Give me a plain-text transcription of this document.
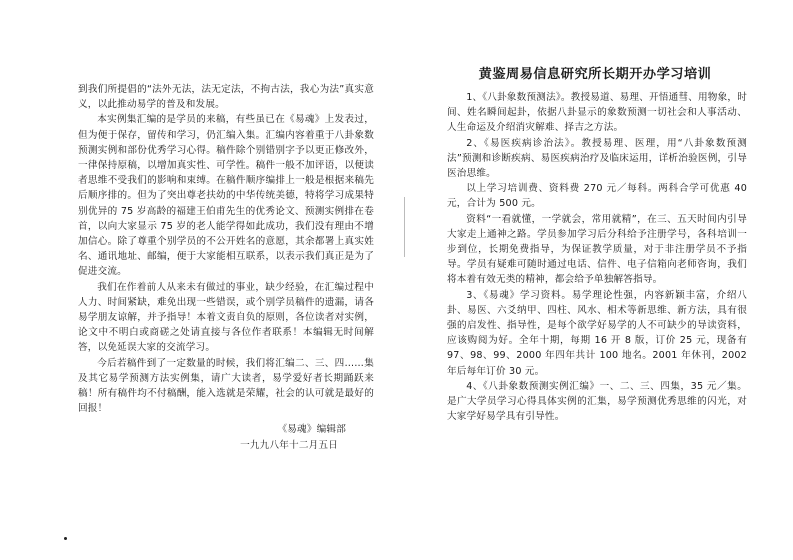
到我们所提倡的“法外无法，法无定法，不拘古法，我心为法”真实意义，以此推动易学的普及和发展。

本实例集汇编的是学员的来稿，有些虽已在《易魂》上发表过，但为便于保存，留传和学习，仍汇编入集。汇编内容着重于八卦象数预测实例和部份优秀学习心得。稿件除个别错别字予以更正修改外，一律保持原稿，以增加真实性、可学性。稿件一般不加评语，以便读者思维不受我们的影响和束缚。在稿件顺序编排上一般是根据来稿先后顺序排的。但为了突出尊老扶幼的中华传统美德，特将学习成果特别优异的 75 岁高龄的福建王伯甫先生的优秀论文、预测实例排在卷首，以向大家显示 75 岁的老人能学得如此成功，我们没有理由不增加信心。除了尊重个别学员的不公开姓名的意愿，其余都署上真实姓名、通讯地址、邮编，便于大家能相互联系，以表示我们真正是为了促进交流。

我们在作着前人从来未有做过的事业，缺少经验，在汇编过程中人力、时间紧缺，难免出现一些错误，或个别学员稿件的遗漏，请各易学朋友谅解，并予指导！本着文责自负的原则，各位读者对实例，论文中不明白或商磋之处请直接与各位作者联系！本编辑无时间解答，以免延误大家的交流学习。

今后若稿件到了一定数量的时候，我们将汇编二、三、四……集及其它易学预测方法实例集，请广大读者，易学爱好者长期踊跃来稿！所有稿件均不付稿酬，能入选就是荣耀，社会的认可就是最好的回报！

《易魂》编辑部

一九九八年十二月五日

黄鉴周易信息研究所长期开办学习培训

1、《八卦象数预测法》。教授易道、易理、开悟通彗、用物象，时间、姓名瞬间起卦，依据八卦显示的象数预测一切社会和人事活动、人生命运及介绍消灾解难、择吉之方法。

2、《易医疾病诊治法》。教授易理、医理，用“八卦象数预测法”预测和诊断疾病、易医疾病治疗及临床运用，详析治验医例，引导医治思维。

以上学习培训费、资料费 270 元／每科。两科合学可优惠 40 元，合计为 500 元。

资料“一看就懂，一学就会，常用就精”，在三、五天时间内引导大家走上通神之路。学员参加学习后分科给予注册学号，各科培训一步到位，长期免费指导，为保证教学质量，对于非注册学员不予指导。学员有疑难可随时通过电话、信件、电子信箱向老师咨询，我们将本着有效无类的精神，都会给予单独解答指导。

3、《易魂》学习资料。易学理论性强，内容新颖丰富，介绍八卦、易医、六爻纳甲、四柱、风水、相术等新思维、新方法，具有很强的启发性、指导性，是每个欲学好易学的人不可缺少的导读资料，应该购阅为好。全年十期，每期 16 开 8 版，订价 25 元，现备有 97、98、99、2000 年四年共计 100 地名。2001 年休刊，2002 年后每年订价 30 元。

4、《八卦象数预测实例汇编》一、二、三、四集，35 元／集。是广大学员学习心得具体实例的汇集，易学预测优秀思维的闪光，对大家学好易学具有引导性。
